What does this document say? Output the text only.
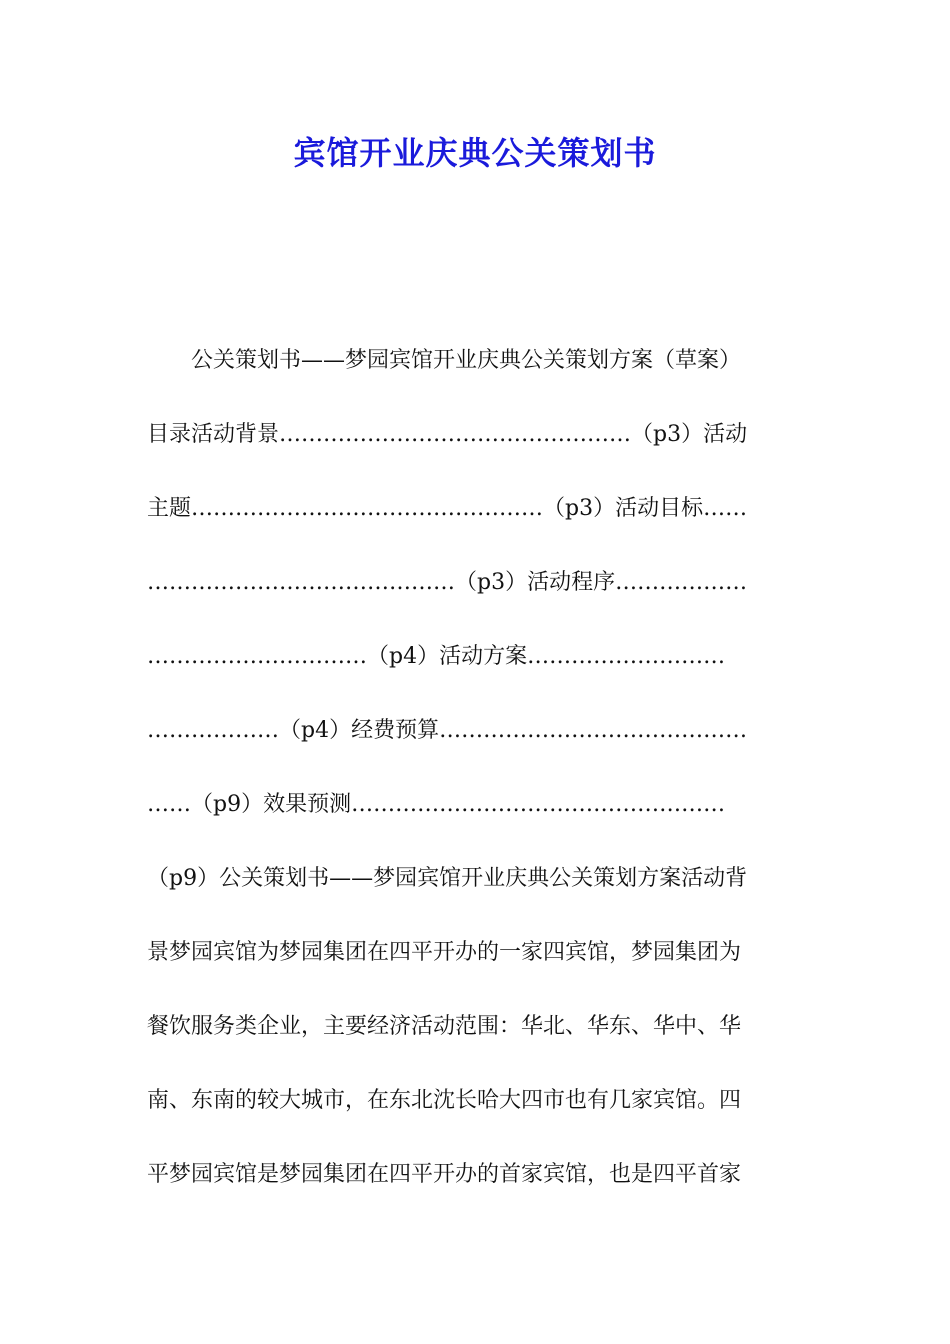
宾馆开业庆典公关策划书
公关策划书——梦园宾馆开业庆典公关策划方案（草案）
目录活动背景…………………………………………（p3）活动
主题…………………………………………（p3）活动目标……
……………………………………（p3）活动程序………………
…………………………（p4）活动方案………………………
………………（p4）经费预算……………………………………
……（p9）效果预测……………………………………………
（p9）公关策划书——梦园宾馆开业庆典公关策划方案活动背
景梦园宾馆为梦园集团在四平开办的一家四宾馆，梦园集团为
餐饮服务类企业，主要经济活动范围：华北、华东、华中、华
南、东南的较大城市，在东北沈长哈大四市也有几家宾馆。四
平梦园宾馆是梦园集团在四平开办的首家宾馆，也是四平首家
